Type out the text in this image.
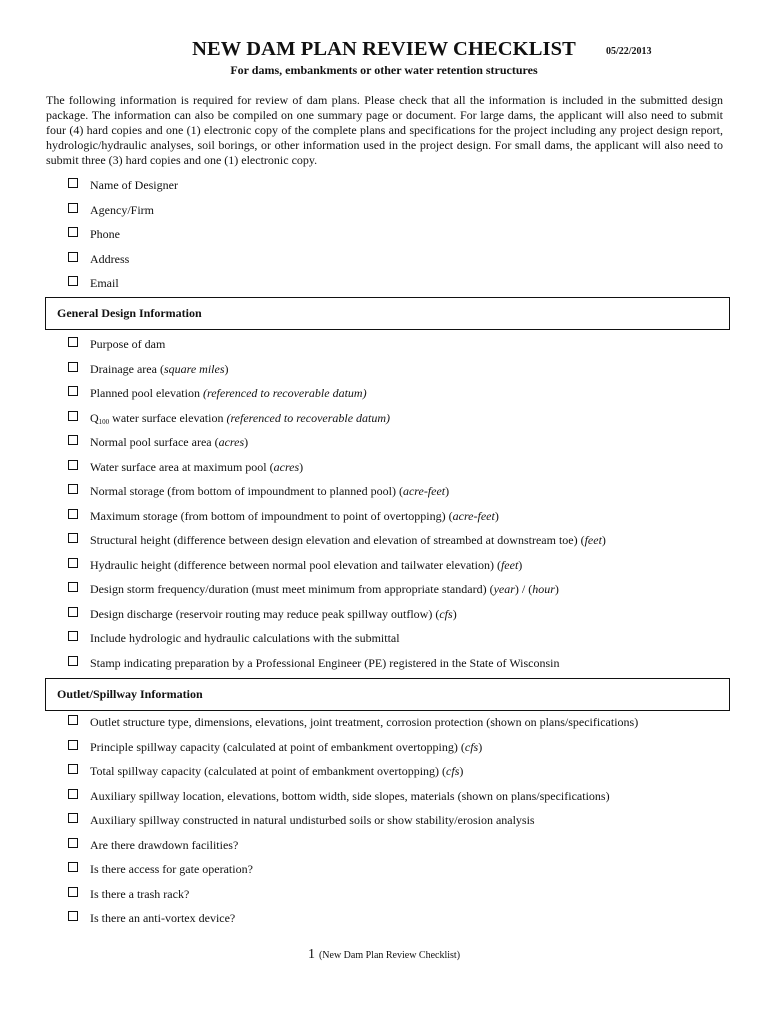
NEW DAM PLAN REVIEW CHECKLIST	05/22/2013
For dams, embankments or other water retention structures

The following information is required for review of dam plans. Please check that all the information is included in the submitted design package. The information can also be compiled on one summary page or document. For large dams, the applicant will also need to submit four (4) hard copies and one (1) electronic copy of the complete plans and specifications for the project including any project design report, hydrologic/hydraulic analyses, soil borings, or other information used in the project design. For small dams, the applicant will also need to submit three (3) hard copies and one (1) electronic copy.

Name of Designer
Agency/Firm
Phone
Address
Email
General Design Information
Purpose of dam
Drainage area (square miles)
Planned pool elevation (referenced to recoverable datum)
$Q_{100}$ water surface elevation (referenced to recoverable datum)
Normal pool surface area (acres)
Water surface area at maximum pool (acres)
Normal storage (from bottom of impoundment to planned pool) (acre-feet)
Maximum storage (from bottom of impoundment to point of overtopping) (acre-feet)
Structural height (difference between design elevation and elevation of streambed at downstream toe) (feet)
Hydraulic height (difference between normal pool elevation and tailwater elevation) (feet)
Design storm frequency/duration (must meet minimum from appropriate standard) (year) / (hour)
Design discharge (reservoir routing may reduce peak spillway outflow) (cfs)
Include hydrologic and hydraulic calculations with the submittal
Stamp indicating preparation by a Professional Engineer (PE) registered in the State of Wisconsin
Outlet/Spillway Information
Outlet structure type, dimensions, elevations, joint treatment, corrosion protection (shown on plans/specifications)
Principle spillway capacity (calculated at point of embankment overtopping) (cfs)
Total spillway capacity (calculated at point of embankment overtopping) (cfs)
Auxiliary spillway location, elevations, bottom width, side slopes, materials (shown on plans/specifications)
Auxiliary spillway constructed in natural undisturbed soils or show stability/erosion analysis
Are there drawdown facilities?
Is there access for gate operation?
Is there a trash rack?
Is there an anti-vortex device?
1 (New Dam Plan Review Checklist)
